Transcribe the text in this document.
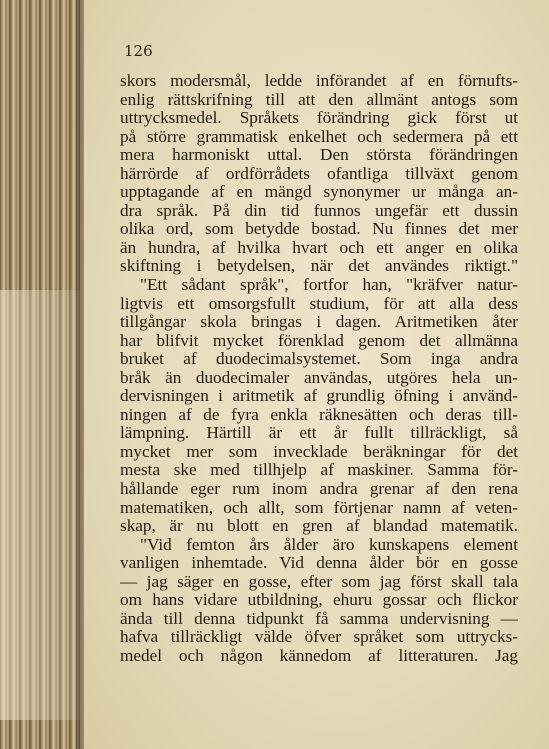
126
skors modersmål, ledde införandet af en förnufts-
enlig rättskrifning till att den allmänt antogs som
uttrycksmedel. Språkets förändring gick först ut
på större grammatisk enkelhet och sedermera på ett
mera harmoniskt uttal. Den största förändringen
härrörde af ordförrådets ofantliga tillväxt genom
upptagande af en mängd synonymer ur många an-
dra språk. På din tid funnos ungefär ett dussin
olika ord, som betydde bostad. Nu finnes det mer
än hundra, af hvilka hvart och ett anger en olika
skiftning i betydelsen, när det användes riktigt."
"Ett sådant språk", fortfor han, "kräfver natur-
ligtvis ett omsorgsfullt studium, för att alla dess
tillgångar skola bringas i dagen. Aritmetiken åter
har blifvit mycket förenklad genom det allmänna
bruket af duodecimalsystemet. Som inga andra
bråk än duodecimaler användas, utgöres hela un-
dervisningen i aritmetik af grundlig öfning i använd-
ningen af de fyra enkla räknesätten och deras till-
lämpning. Härtill är ett år fullt tillräckligt, så
mycket mer som invecklade beräkningar för det
mesta ske med tillhjelp af maskiner. Samma för-
hållande eger rum inom andra grenar af den rena
matematiken, och allt, som förtjenar namn af veten-
skap, är nu blott en gren af blandad matematik.
"Vid femton års ålder äro kunskapens element
vanligen inhemtade. Vid denna ålder bör en gosse
— jag säger en gosse, efter som jag först skall tala
om hans vidare utbildning, ehuru gossar och flickor
ända till denna tidpunkt få samma undervisning —
hafva tillräckligt välde öfver språket som uttrycks-
medel och någon kännedom af litteraturen. Jag
